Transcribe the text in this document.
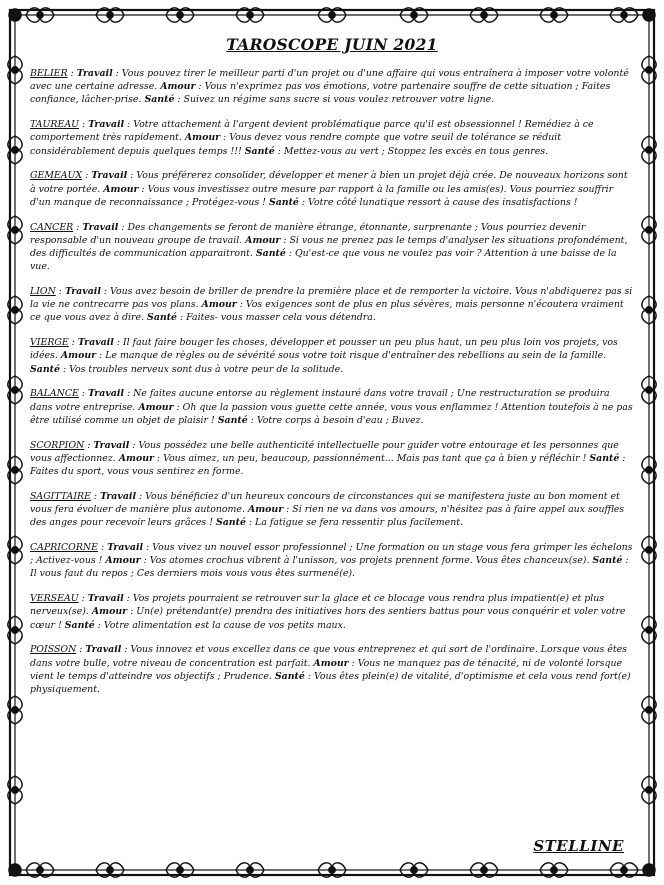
TAROSCOPE JUIN 2021

BELIER : Travail : Vous pouvez tirer le meilleur parti d'un projet ou d'une affaire qui vous entraînera à imposer votre volonté avec une certaine adresse. Amour : Vous n'exprimez pas vos émotions, votre partenaire souffre de cette situation ; Faites confiance, lâcher-prise. Santé : Suivez un régime sans sucre si vous voulez retrouver votre ligne.

TAUREAU : Travail : Votre attachement à l'argent devient problématique parce qu'il est obsessionnel ! Remédiez à ce comportement très rapidement. Amour : Vous devez vous rendre compte que votre seuil de tolérance se réduit considérablement depuis quelques temps !!! Santé : Mettez-vous au vert ; Stoppez les excès en tous genres.

GEMEAUX : Travail : Vous préférerez consolider, développer et mener à bien un projet déjà crée. De nouveaux horizons sont à votre portée. Amour : Vous vous investissez outre mesure par rapport à la famille ou les amis(es). Vous pourriez souffrir d'un manque de reconnaissance ; Protégez-vous ! Santé : Votre côté lunatique ressort à cause des insatisfactions !

CANCER : Travail : Des changements se feront de manière étrange, étonnante, surprenante ; Vous pourriez devenir responsable d'un nouveau groupe de travail. Amour : Si vous ne prenez pas le temps d'analyser les situations profondément, des difficultés de communication apparaitront. Santé : Qu'est-ce que vous ne voulez pas voir ? Attention à une baisse de la vue.

LION : Travail : Vous avez besoin de briller de prendre la première place et de remporter la victoire. Vous n'abdiquerez pas si la vie ne contrecarre pas vos plans. Amour : Vos exigences sont de plus en plus sévères, mais personne n'écoutera vraiment ce que vous avez à dire. Santé : Faites- vous masser cela vous détendra.

VIERGE : Travail : Il faut faire bouger les choses, développer et pousser un peu plus haut, un peu plus loin vos projets, vos idées. Amour : Le manque de règles ou de sévérité sous votre toit risque d'entraîner des rebellions au sein de la famille. Santé : Vos troubles nerveux sont dus à votre peur de la solitude.

BALANCE : Travail : Ne faites aucune entorse au règlement instauré dans votre travail ; Une restructuration se produira dans votre entreprise. Amour : Oh que la passion vous guette cette année, vous vous enflammez ! Attention toutefois à ne pas être utilisé comme un objet de plaisir ! Santé : Votre corps à besoin d'eau ; Buvez.

SCORPION : Travail : Vous possédez une belle authenticité intellectuelle pour guider votre entourage et les personnes que vous affectionnez. Amour : Vous aimez, un peu, beaucoup, passionnément... Mais pas tant que ça à bien y réfléchir ! Santé : Faites du sport, vous vous sentirez en forme.

SAGITTAIRE : Travail : Vous bénéficiez d'un heureux concours de circonstances qui se manifestera juste au bon moment et vous fera évoluer de manière plus autonome. Amour : Si rien ne va dans vos amours, n'hésitez pas à faire appel aux souffles des anges pour recevoir leurs grâces ! Santé : La fatigue se fera ressentir plus facilement.

CAPRICORNE : Travail : Vous vivez un nouvel essor professionnel ; Une formation ou un stage vous fera grimper les échelons ; Activez-vous ! Amour : Vos atomes crochus vibrent à l'unisson, vos projets prennent forme. Vous êtes chanceux(se). Santé : Il vous faut du repos ; Ces derniers mois vous vous êtes surmené(e).

VERSEAU : Travail : Vos projets pourraient se retrouver sur la glace et ce blocage vous rendra plus impatient(e) et plus nerveux(se). Amour : Un(e) prétendant(e) prendra des initiatives hors des sentiers battus pour vous conquérir et voler votre cœur ! Santé : Votre alimentation est la cause de vos petits maux.

POISSON : Travail : Vous innovez et vous excellez dans ce que vous entreprenez et qui sort de l'ordinaire. Lorsque vous êtes dans votre bulle, votre niveau de concentration est parfait. Amour : Vous ne manquez pas de ténacité, ni de volonté lorsque vient le temps d'atteindre vos objectifs ; Prudence. Santé : Vous êtes plein(e) de vitalité, d'optimisme et cela vous rend fort(e) physiquement.

STELLINE
